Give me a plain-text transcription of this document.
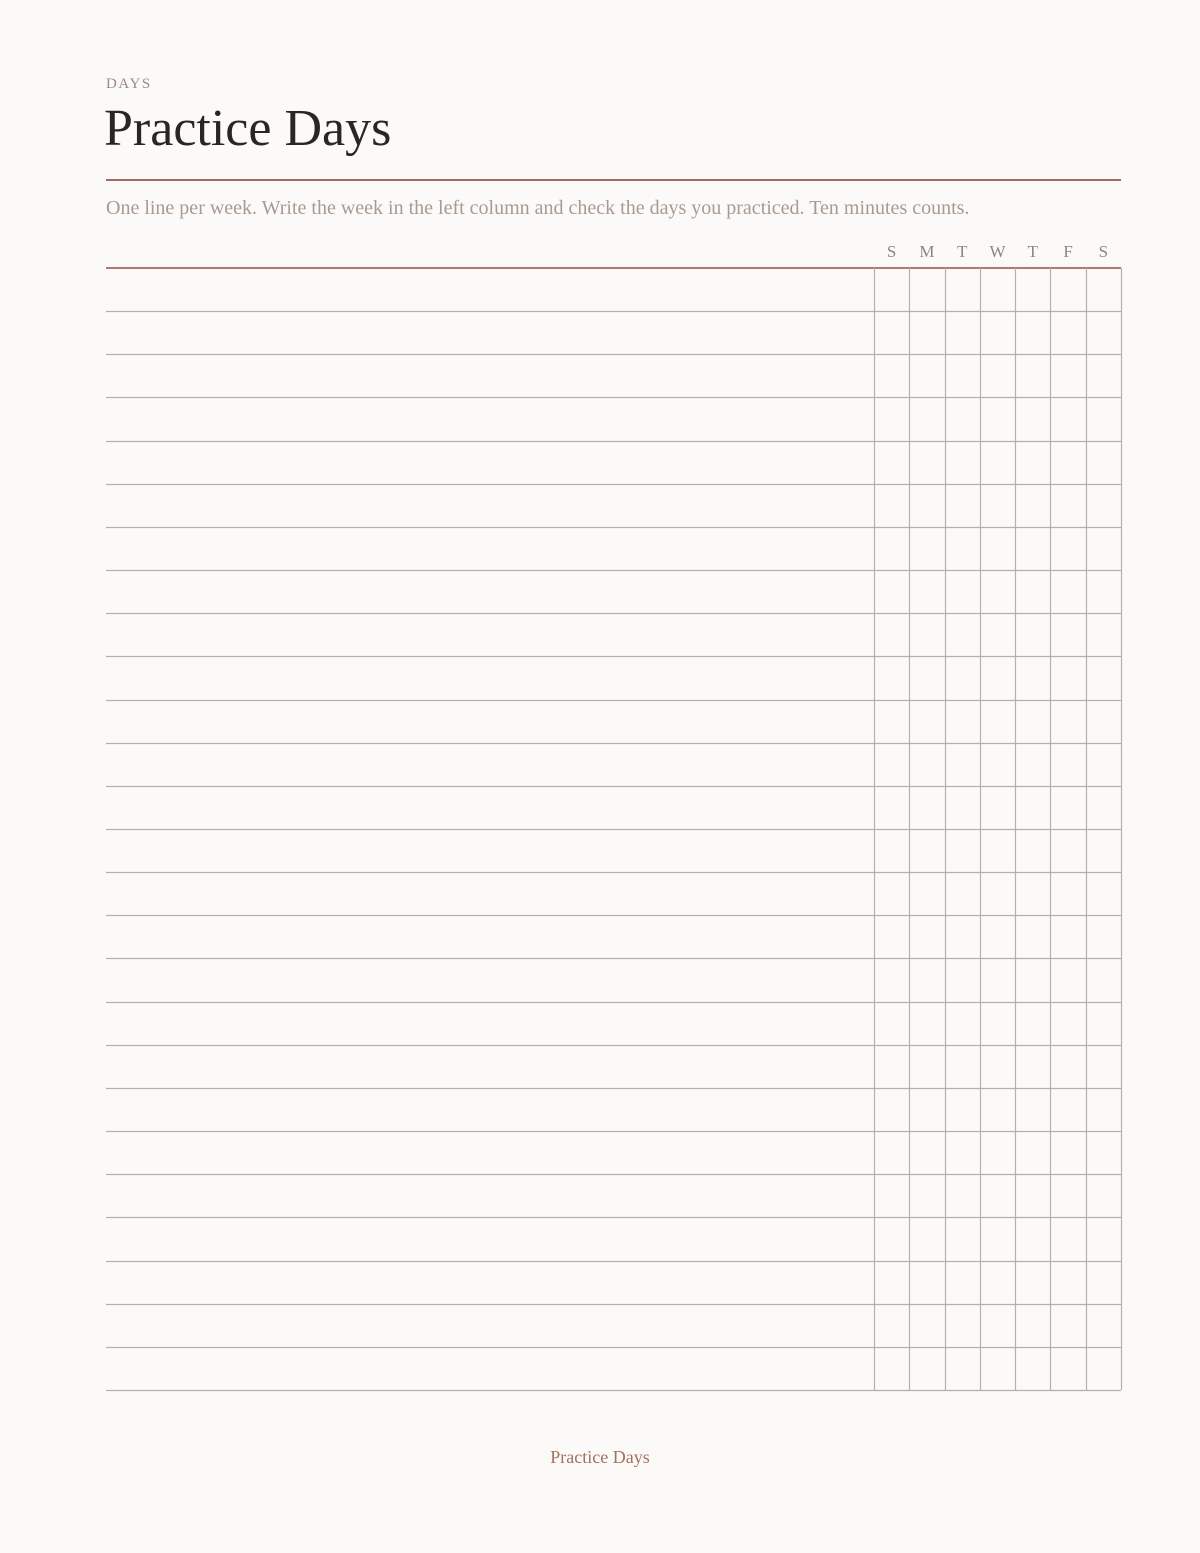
DAYS
Practice Days
One line per week. Write the week in the left column and check the days you practiced. Ten minutes counts.
S	M	T	W	T	F	S
Practice Days
